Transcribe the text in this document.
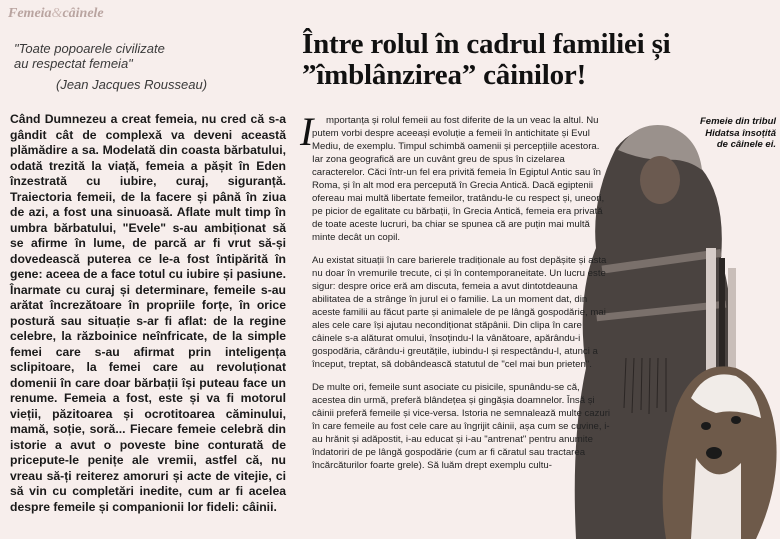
Femeia&câinele
"Toate popoarele civilizate
au respectat femeia"
(Jean Jacques Rousseau)

Când Dumnezeu a creat femeia, nu cred că s-a gândit cât de complexă va deveni această plămădire a sa. Modelată din coasta bărbatului, odată trezită la viață, femeia a pășit în Eden înzestrată cu iubire, curaj, siguranță. Traiectoria femeii, de la facere și până în ziua de azi, a fost una sinuoasă. Aflate mult timp în umbra bărbatului, "Evele" s-au ambiționat să se afirme în lume, de parcă ar fi vrut să-și dovedească puterea ce le-a fost întipărită în gene: aceea de a face totul cu iubire și pasiune. Înarmate cu curaj și determinare, femeile s-au arătat încrezătoare în propriile forțe, în orice postură sau situație s-ar fi aflat: de la regine celebre, la războinice neînfricate, de la simple femei care s-au afirmat prin inteligența sclipitoare, la femei care au revoluționat domenii în care doar bărbații își puteau face un renume. Femeia a fost, este și va fi motorul vieții, păzitoarea și ocrotitoarea căminului, mamă, soție, soră... Fiecare femeie celebră din istorie a avut o poveste bine conturată de pricepute-le penițe ale vremii, astfel că, nu vreau să-ți reiterez amoruri și acte de vitejie, ci să vin cu completări inedite, cum ar fi acelea despre femeile și companionii lor fideli: câinii.

Între rolul în cadrul familiei și
”îmblânzirea” câinilor!
Femeie din tribul Hidatsa însoțită de câinele ei.
I	mportanța și rolul femeii au fost diferite de la un veac la altul. Nu putem vorbi despre aceeași evoluție a femeii în antichitate și Evul Mediu, de exemplu. Timpul schimbă oamenii și percepțiile acestora. Iar zona geografică are un cuvânt greu de spus în cizelarea caracterelor. Căci într-un fel era privită femeia în Egiptul Antic sau în Roma, și în alt mod era percepută în Grecia Antică. Dacă egiptenii ofereau mai multă libertate femeilor, tratându-le cu respect și, uneori, pe picior de egalitate cu bărbații, în Grecia Antică, femeia era privată de toate aceste lucruri, ba chiar se spunea că are puțin mai multă minte decât un copil.

Au existat situații în care barierele tradiționale au fost depășite și asta nu doar în vremurile trecute, ci și în contemporaneitate. Un lucru este sigur: despre orice eră am discuta, femeia a avut dintotdeauna abilitatea de a strânge în jurul ei o familie. La un moment dat, din aceste familii au făcut parte și animalele de pe lângă gospodărie, mai ales cele care își ajutau necondiționat stăpânii. Din clipa în care câinele s-a alăturat omului, însoțindu-l la vânătoare, apărându-i gospodăria, cărându-i greutățile, iubindu-l și respectându-l, atunci a început, treptat, să dobândească statutul de "cel mai bun prieten".

De multe ori, femeile sunt asociate cu pisicile, spunându-se că, acestea din urmă, preferă blândețea și gingășia doamnelor. Însă și câinii preferă femeile și vice-versa. Istoria ne semnalează multe cazuri în care femeile au fost cele care au îngrijit câinii, așa cum se cuvine, i-au hrănit și adăpostit, i-au educat și i-au "antrenat" pentru anumite îndatoriri de pe lângă gospodărie (cum ar fi căratul sau tractarea încărcăturilor foarte grele). Să luăm drept exemplu cultu-
